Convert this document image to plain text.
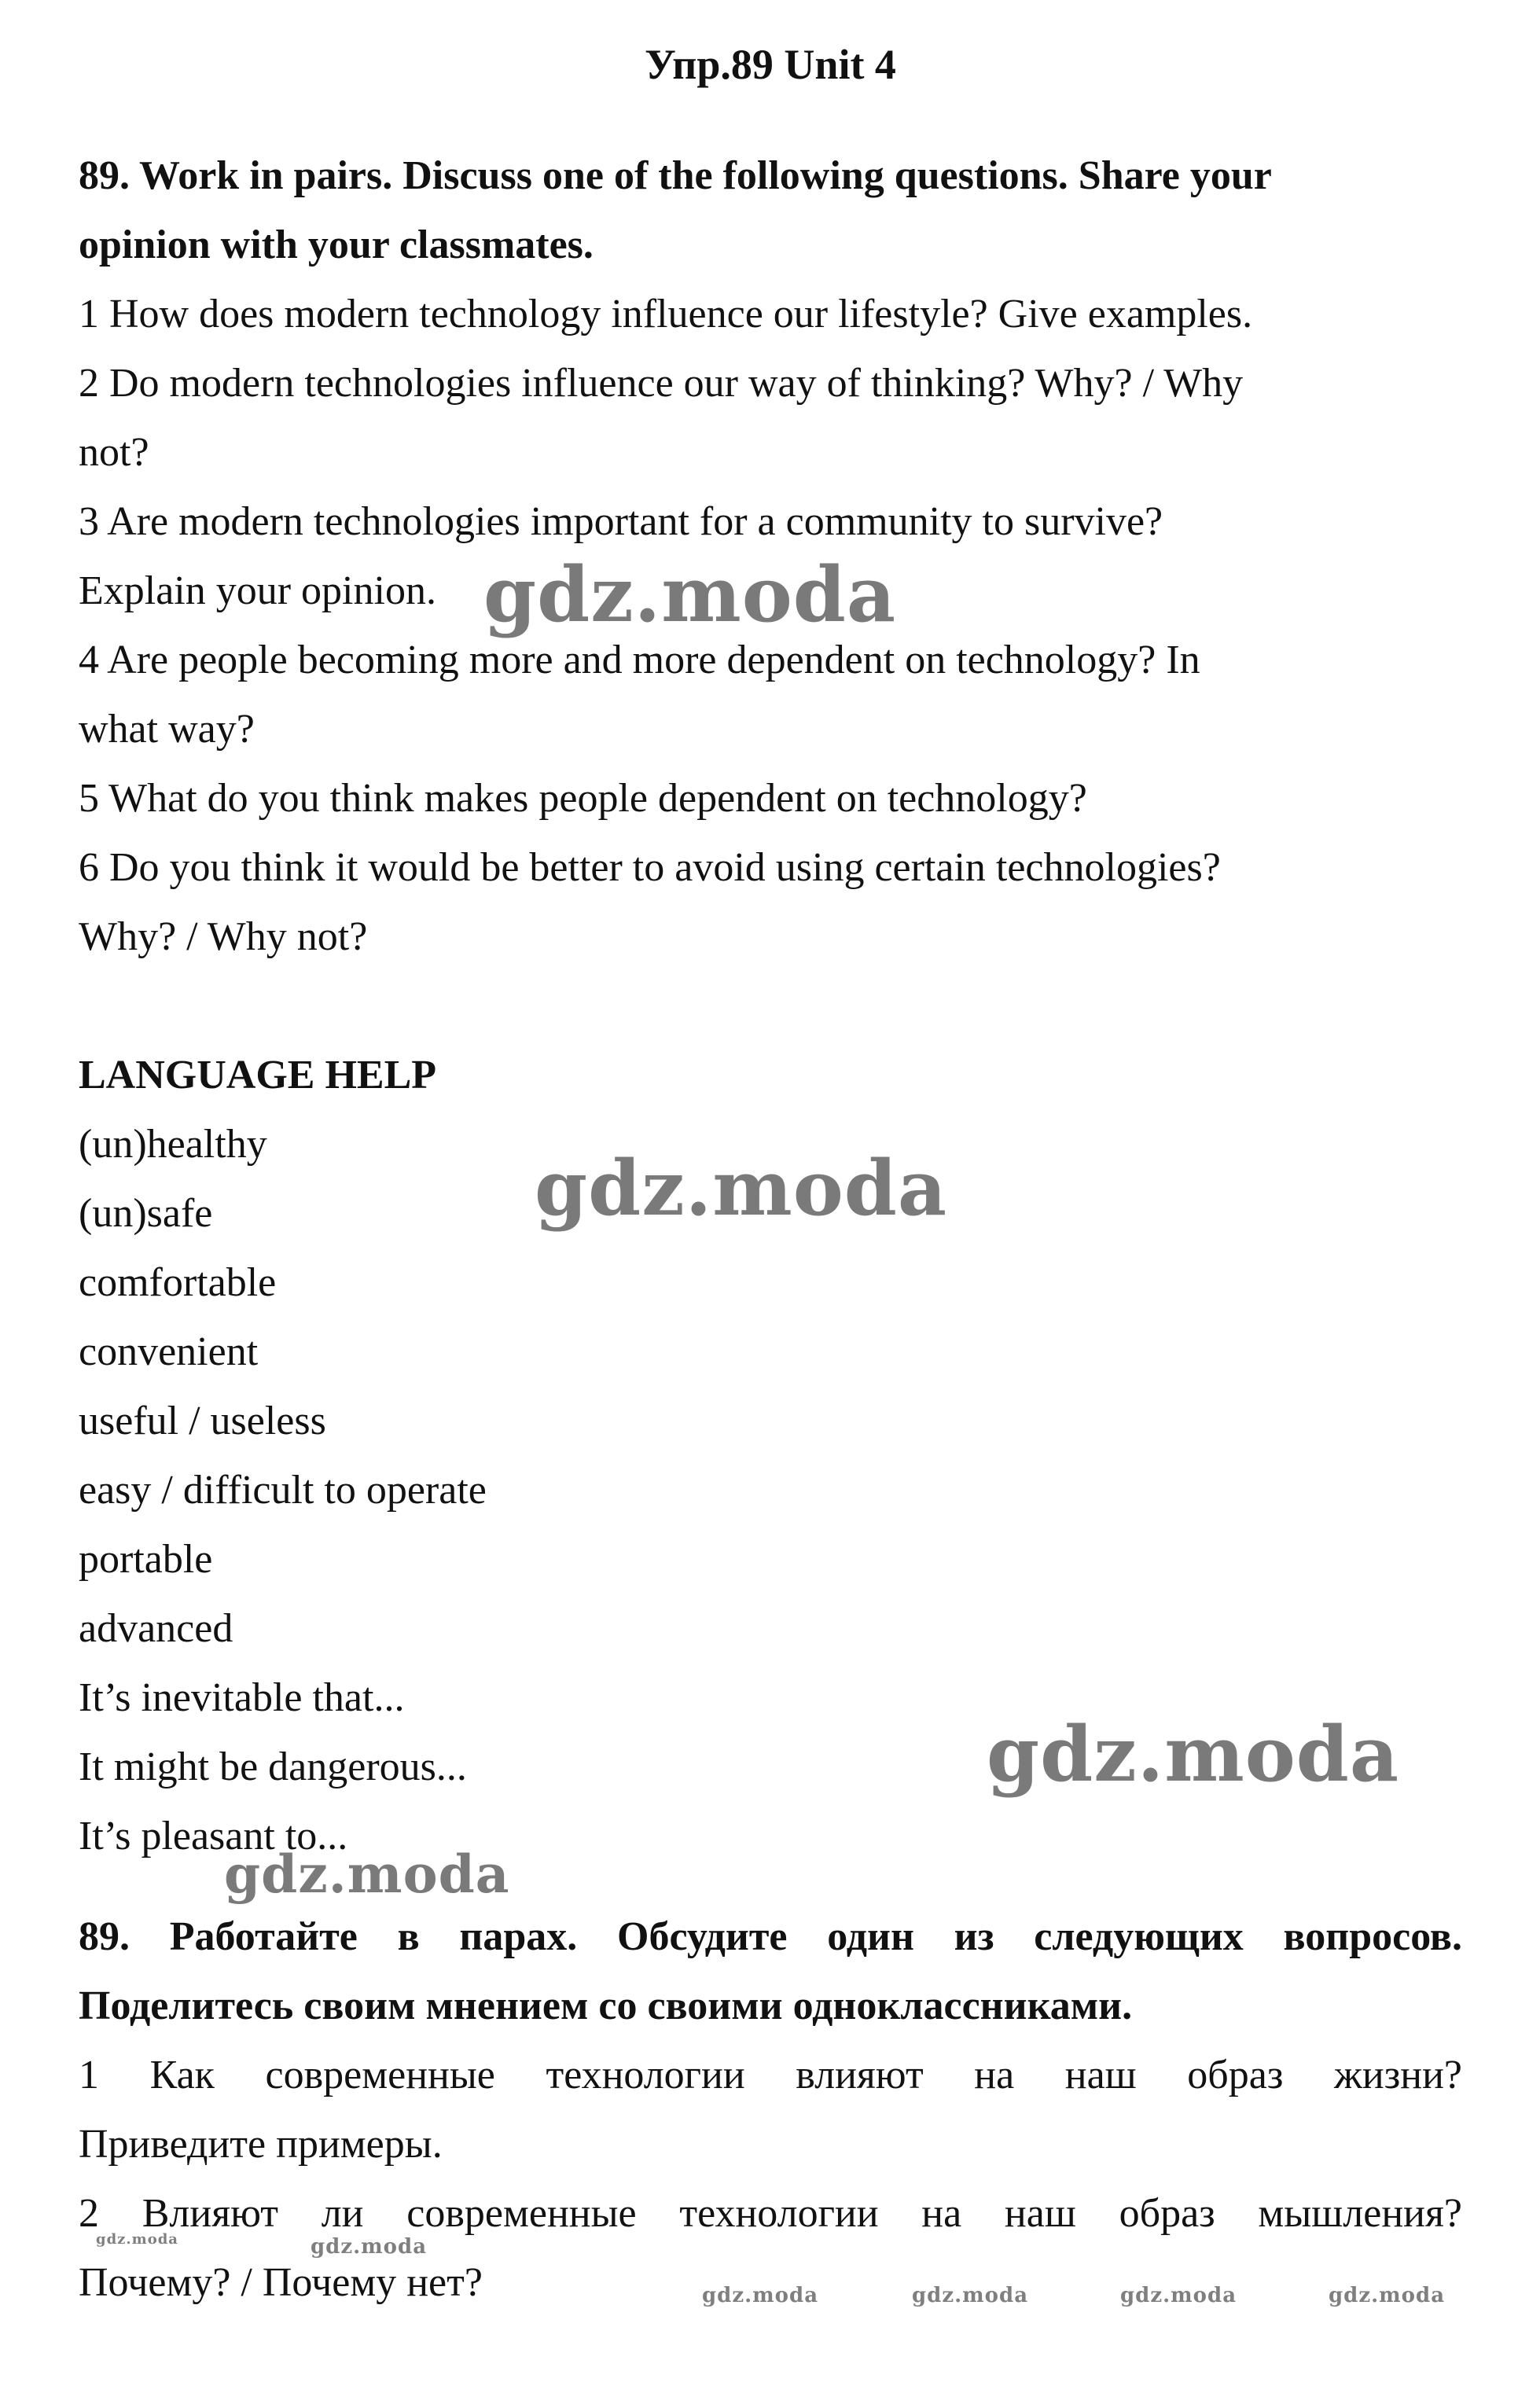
Упр.89 Unit 4

89. Work in pairs. Discuss one of the following questions. Share your

opinion with your classmates.

1 How does modern technology influence our lifestyle? Give examples.

2 Do modern technologies influence our way of thinking? Why? / Why

not?

3 Are modern technologies important for a community to survive?

Explain your opinion.

4 Are people becoming more and more dependent on technology? In

what way?

5 What do you think makes people dependent on technology?

6 Do you think it would be better to avoid using certain technologies?

Why? / Why not?

LANGUAGE HELP

(un)healthy

(un)safe

comfortable

convenient

useful / useless

easy / difficult to operate

portable

advanced

It’s inevitable that...

It might be dangerous...

It’s pleasant to...

89. Работайте в парах. Обсудите один из следующих вопросов.

Поделитесь своим мнением со своими одноклассниками.

1 Как современные технологии влияют на наш образ жизни?

Приведите примеры.

2 Влияют ли современные технологии на наш образ мышления?

Почему? / Почему нет?

gdz.moda
gdz.moda
gdz.moda
gdz.moda
gdz.moda
gdz.moda
gdz.moda	gdz.moda	gdz.moda	gdz.moda
